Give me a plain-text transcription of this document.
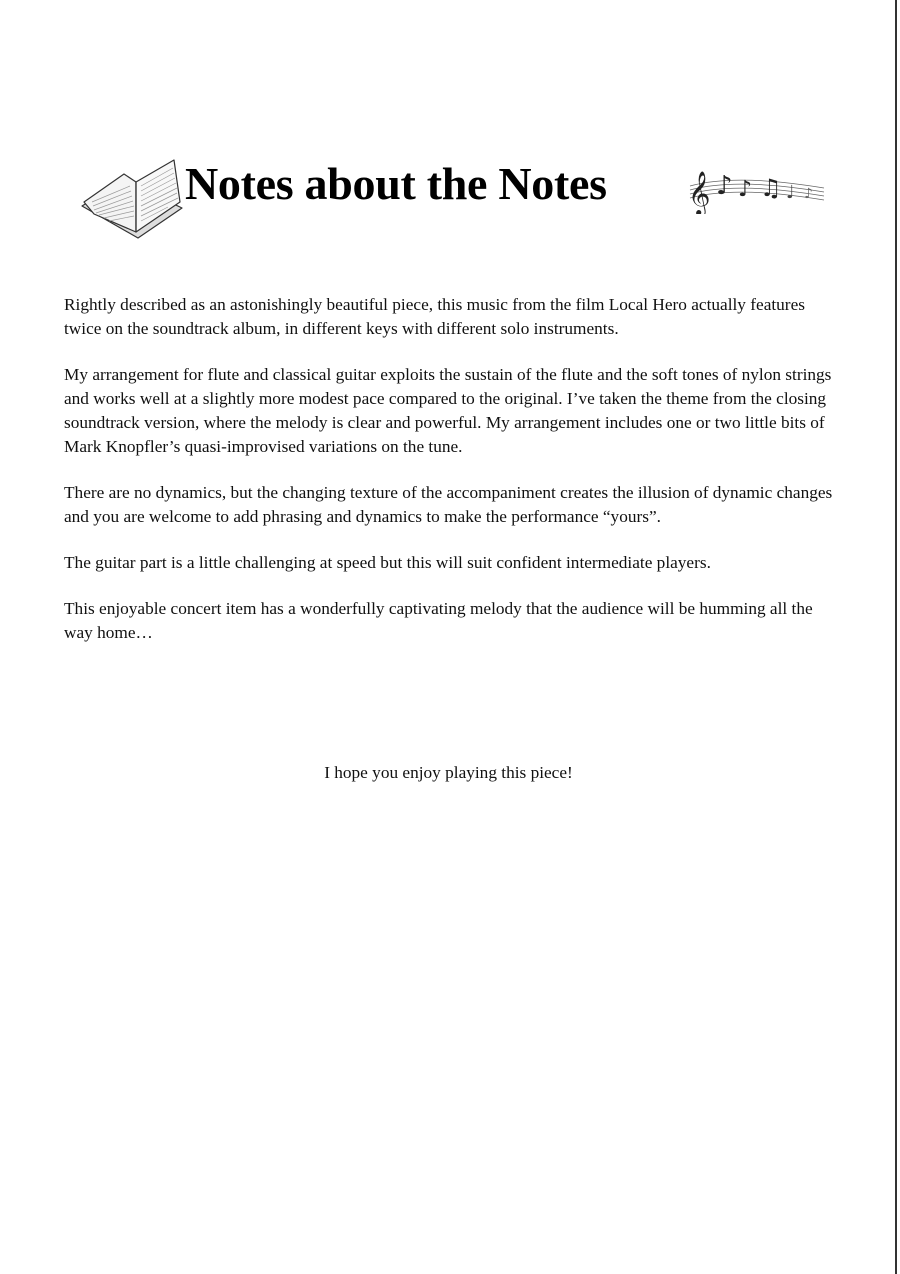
Notes about the Notes 𝄞 ♪ ♪ ♫ ♩ ♪

Rightly described as an astonishingly beautiful piece, this music from the film Local Hero actually features twice on the soundtrack album, in different keys with different solo instruments.

My arrangement for flute and classical guitar exploits the sustain of the flute and the soft tones of nylon strings and works well at a slightly more modest pace compared to the original. I’ve taken the theme from the closing soundtrack version, where the melody is clear and powerful. My arrangement includes one or two little bits of Mark Knopfler’s quasi-improvised variations on the tune.

There are no dynamics, but the changing texture of the accompaniment creates the illusion of dynamic changes and you are welcome to add phrasing and dynamics to make the performance “yours”.

The guitar part is a little challenging at speed but this will suit confident intermediate players.

This enjoyable concert item has a wonderfully captivating melody that the audience will be humming all the way home…

I hope you enjoy playing this piece!
